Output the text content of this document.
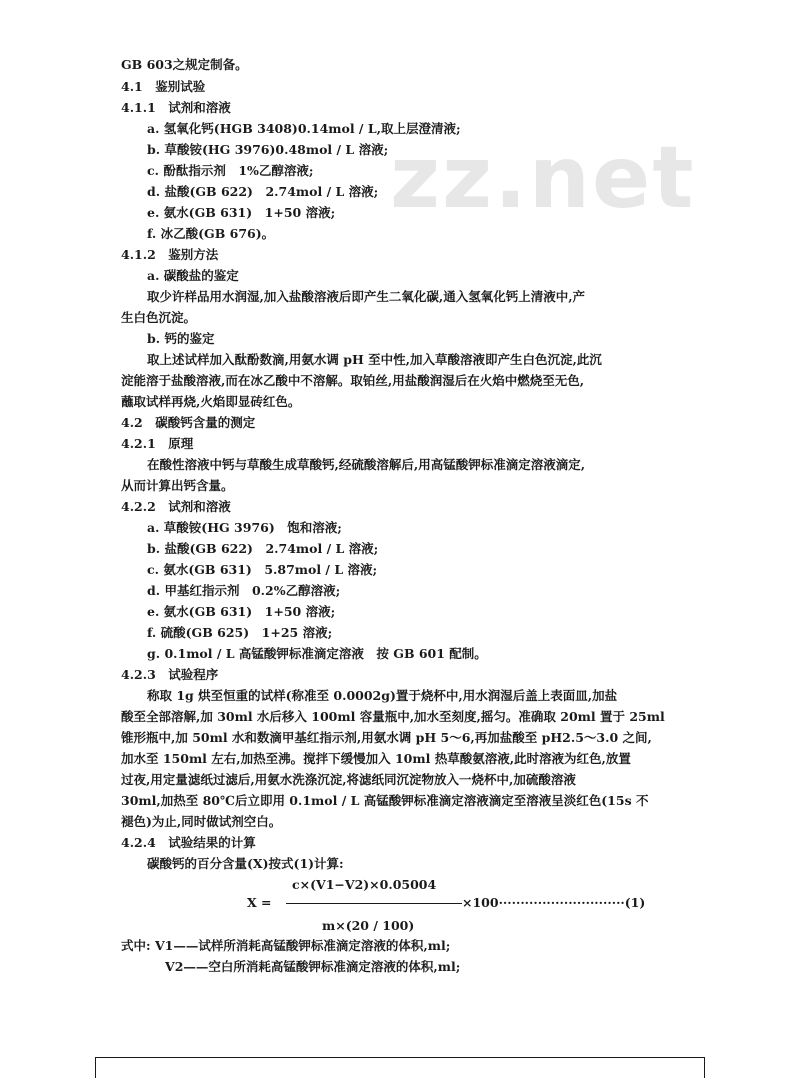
zz.net
GB 603之规定制备。
4.1　鉴别试验
4.1.1　试剂和溶液
a. 氢氧化钙(HGB 3408)0.14mol / L,取上层澄清液;
b. 草酸铵(HG 3976)0.48mol / L 溶液;
c. 酚酞指示剂　1%乙醇溶液;
d. 盐酸(GB 622)　2.74mol / L 溶液;
e. 氨水(GB 631)　1+50 溶液;
f. 冰乙酸(GB 676)。
4.1.2　鉴别方法
a. 碳酸盐的鉴定
取少许样品用水润湿,加入盐酸溶液后即产生二氧化碳,通入氢氧化钙上清液中,产
生白色沉淀。
b. 钙的鉴定
取上述试样加入酞酚数滴,用氨水调 pH 至中性,加入草酸溶液即产生白色沉淀,此沉
淀能溶于盐酸溶液,而在冰乙酸中不溶解。取铂丝,用盐酸润湿后在火焰中燃烧至无色,
蘸取试样再烧,火焰即显砖红色。
4.2　碳酸钙含量的测定
4.2.1　原理
在酸性溶液中钙与草酸生成草酸钙,经硫酸溶解后,用高锰酸钾标准滴定溶液滴定,
从而计算出钙含量。
4.2.2　试剂和溶液
a. 草酸铵(HG 3976)　饱和溶液;
b. 盐酸(GB 622)　2.74mol / L 溶液;
c. 氨水(GB 631)　5.87mol / L 溶液;
d. 甲基红指示剂　0.2%乙醇溶液;
e. 氨水(GB 631)　1+50 溶液;
f. 硫酸(GB 625)　1+25 溶液;
g. 0.1mol / L 高锰酸钾标准滴定溶液　按 GB 601 配制。
4.2.3　试验程序
称取 1g 烘至恒重的试样(称准至 0.0002g)置于烧杯中,用水润湿后盖上表面皿,加盐
酸至全部溶解,加 30ml 水后移入 100ml 容量瓶中,加水至刻度,摇匀。准确取 20ml 置于 25ml
锥形瓶中,加 50ml 水和数滴甲基红指示剂,用氨水调 pH 5～6,再加盐酸至 pH2.5～3.0 之间,
加水至 150ml 左右,加热至沸。搅拌下缓慢加入 10ml 热草酸氨溶液,此时溶液为红色,放置
过夜,用定量滤纸过滤后,用氨水洗涤沉淀,将滤纸同沉淀物放入一烧杯中,加硫酸溶液
30ml,加热至 80℃后立即用 0.1mol / L 高锰酸钾标准滴定溶液滴定至溶液呈淡红色(15s 不
褪色)为止,同时做试剂空白。
4.2.4　试验结果的计算
碳酸钙的百分含量(X)按式(1)计算:
式中: V1——试样所消耗高锰酸钾标准滴定溶液的体积,ml;
V2——空白所消耗高锰酸钾标准滴定溶液的体积,ml;
X =
c×(V1−V2)×0.05004
m×(20 / 100)
×100·····························(1)
